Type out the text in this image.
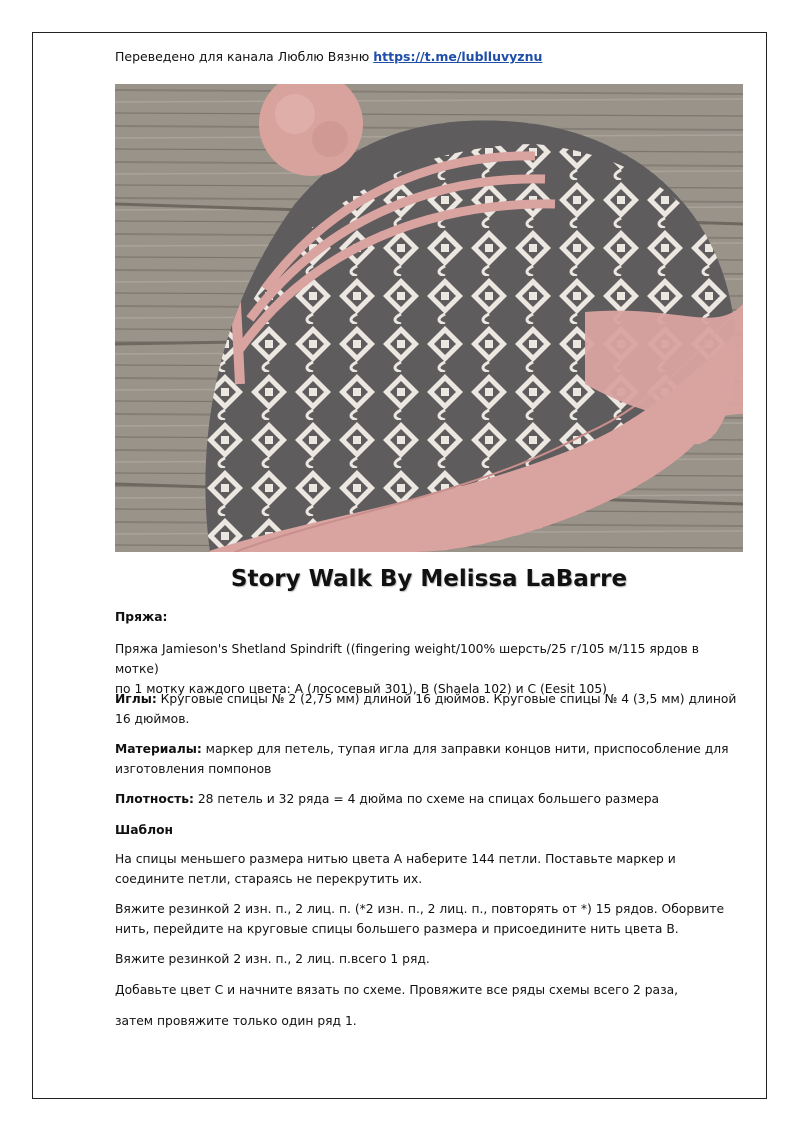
Переведено для канала Люблю Вязню https://t.me/lublluvyznu
Story Walk By Melissa LaBarre
Пряжа:
Пряжа Jamieson's Shetland Spindrift ((fingering weight/100% шерсть/25 г/105 м/115 ярдов в мотке)
по 1 мотку каждого цвета: A (лососевый 301), B (Shaela 102) и C (Eesit 105)
Иглы: Круговые спицы № 2 (2,75 мм) длиной 16 дюймов. Круговые спицы № 4 (3,5 мм) длиной 16 дюймов.
Материалы: маркер для петель, тупая игла для заправки концов нити, приспособление для изготовления помпонов
Плотность: 28 петель и 32 ряда = 4 дюйма по схеме на спицах большего размера
Шаблон
На спицы меньшего размера нитью цвета A наберите 144 петли. Поставьте маркер и соедините петли, стараясь не перекрутить их.
Вяжите резинкой 2 изн. п., 2 лиц. п. (*2 изн. п., 2 лиц. п., повторять от *) 15 рядов. Оборвите нить, перейдите на круговые спицы большего размера и присоедините нить цвета B.
Вяжите резинкой 2 изн. п., 2 лиц. п.всего 1 ряд.
Добавьте цвет C и начните вязать по схеме. Провяжите все ряды схемы всего 2 раза,
затем провяжите только один ряд 1.
